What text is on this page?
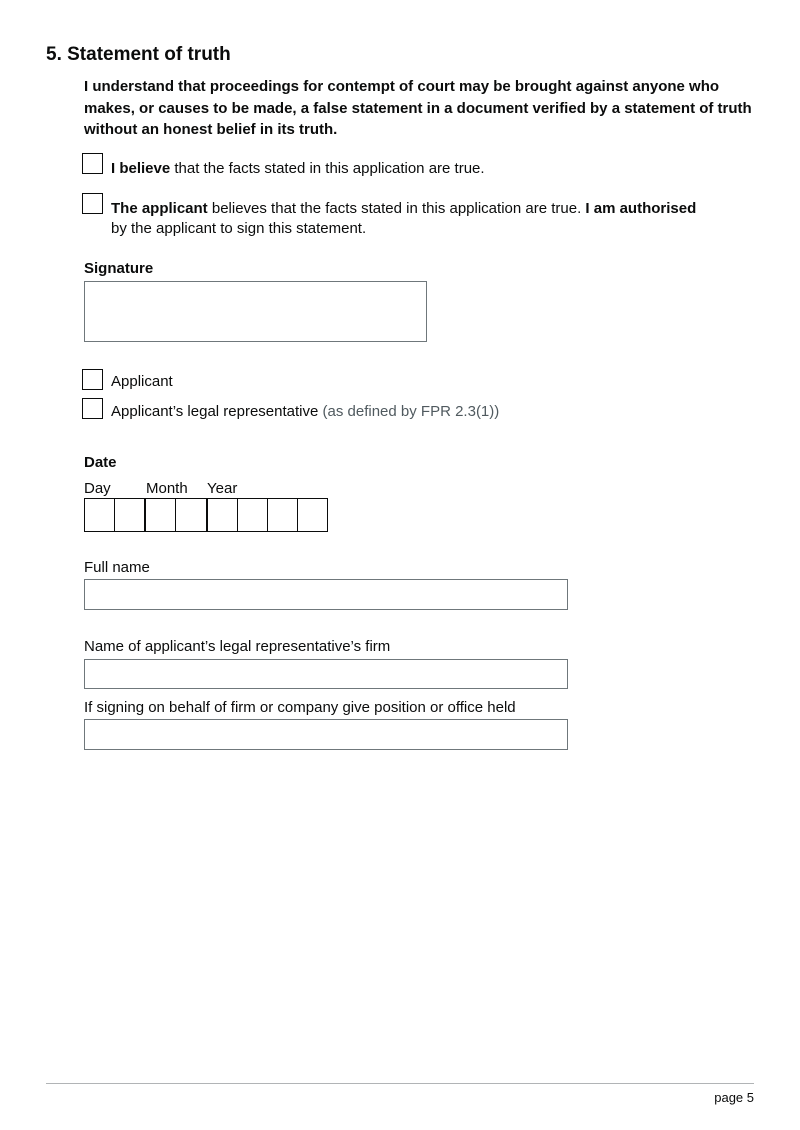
5. Statement of truth
I understand that proceedings for contempt of court may be brought against anyone who makes, or causes to be made, a false statement in a document verified by a statement of truth without an honest belief in its truth.
I believe that the facts stated in this application are true.
The applicant believes that the facts stated in this application are true. I am authorised
by the applicant to sign this statement.
Signature
Applicant
Applicant’s legal representative (as defined by FPR 2.3(1))
Date
Day Month Year
Full name
Name of applicant’s legal representative’s firm
If signing on behalf of firm or company give position or office held
page 5
